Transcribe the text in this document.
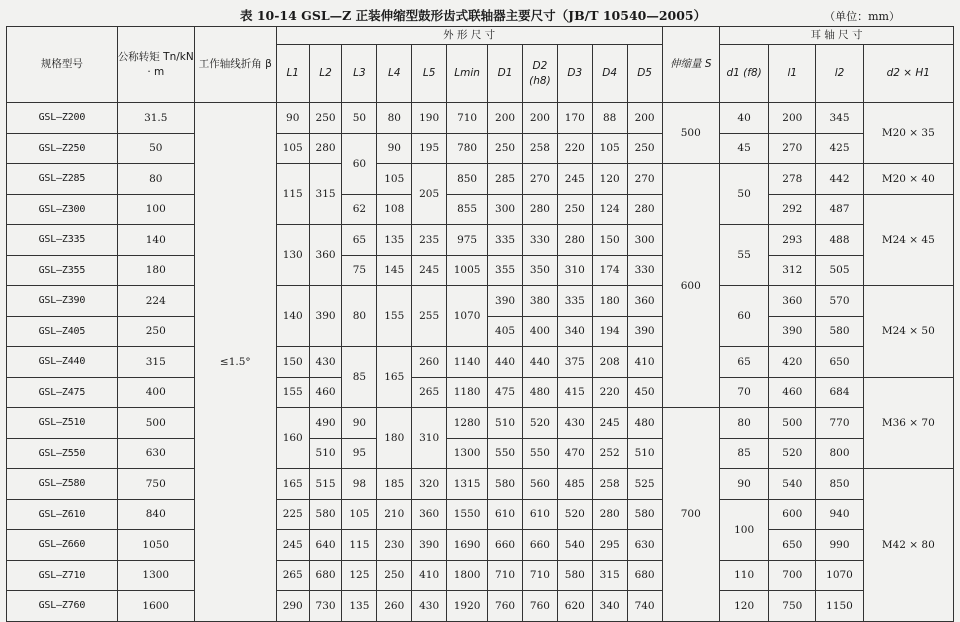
表 10-14 GSL—Z 正装伸缩型鼓形齿式联轴器主要尺寸（JB/T 10540—2005）	（单位：mm）
规格型号	公称转矩 Tn/kN · m	工作轴线折角 β	外 形 尺 寸											伸缩量 S	耳 轴 尺 寸			
			L1	L2	L3	L4	L5	Lmin	D1	D2 (h8)	D3	D4	D5		d1 (f8)	l1	l2	d2 × H1
GSL—Z200	31.5	≤1.5°	90	250	50	80	190	710	200	200	170	88	200	500	40	200	345	M20 × 35
GSL—Z250	50		105	280	60	90	195	780	250	258	220	105	250		45	270	425	
GSL—Z285	80		115	315		105	205	850	285	270	245	120	270	600	50	278	442	M20 × 40
GSL—Z300	100				62	108		855	300	280	250	124	280			292	487	M24 × 45
GSL—Z335	140		130	360	65	135	235	975	335	330	280	150	300		55	293	488	
GSL—Z355	180				75	145	245	1005	355	350	310	174	330			312	505	
GSL—Z390	224		140	390	80	155	255	1070	390	380	335	180	360		60	360	570	M24 × 50
GSL—Z405	250								405	400	340	194	390			390	580	
GSL—Z440	315		150	430	85	165	260	1140	440	440	375	208	410		65	420	650	
GSL—Z475	400		155	460			265	1180	475	480	415	220	450		70	460	684	M36 × 70
GSL—Z510	500		160	490	90	180	310	1280	510	520	430	245	480	700	80	500	770	
GSL—Z550	630			510	95			1300	550	550	470	252	510		85	520	800	
GSL—Z580	750		165	515	98	185	320	1315	580	560	485	258	525		90	540	850	M42 × 80
GSL—Z610	840		225	580	105	210	360	1550	610	610	520	280	580		100	600	940	
GSL—Z660	1050		245	640	115	230	390	1690	660	660	540	295	630			650	990	
GSL—Z710	1300		265	680	125	250	410	1800	710	710	580	315	680		110	700	1070	
GSL—Z760	1600		290	730	135	260	430	1920	760	760	620	340	740		120	750	1150	
